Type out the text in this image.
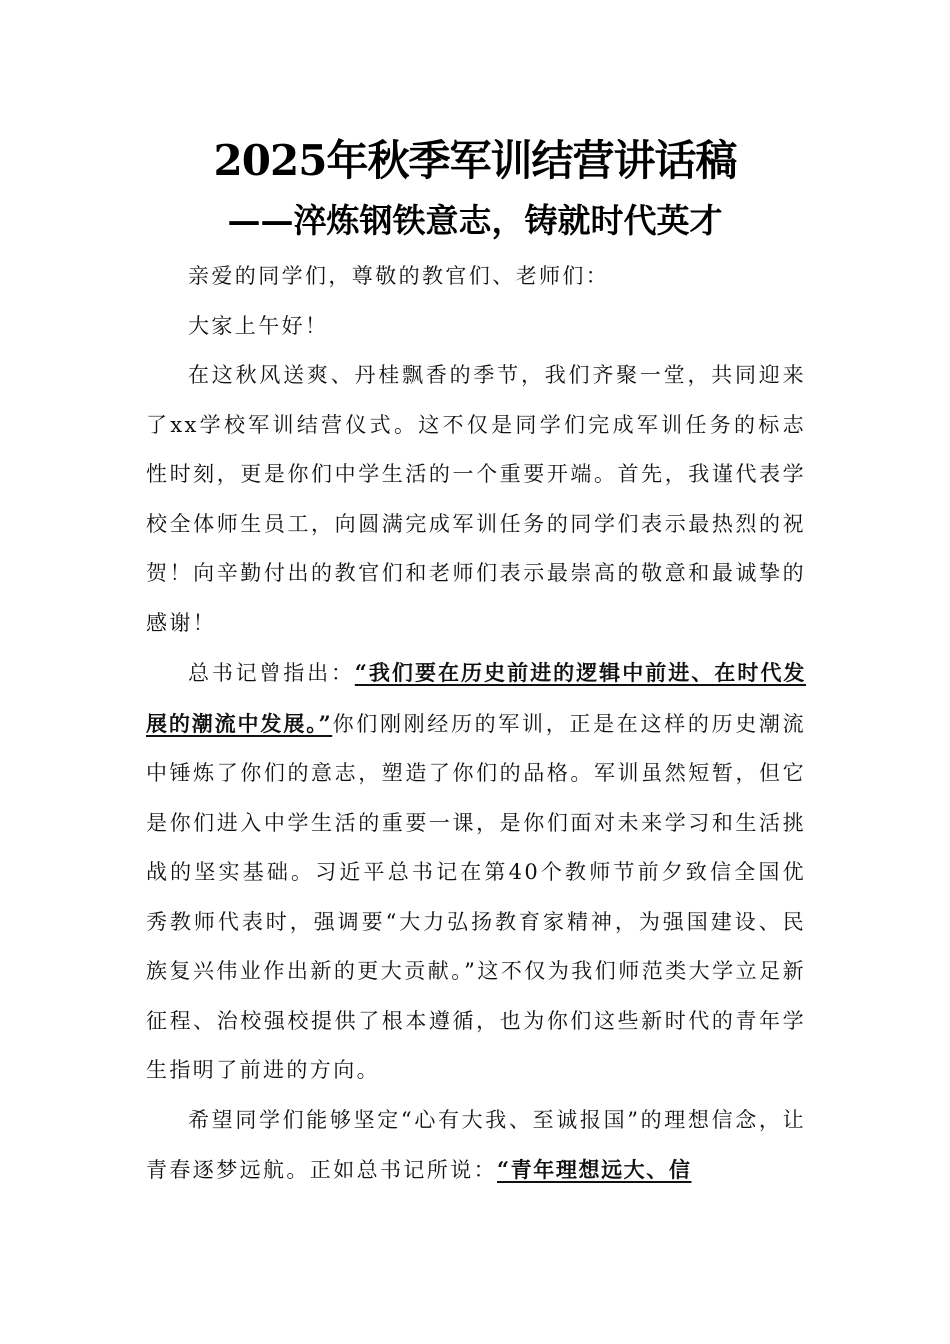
2025年秋季军训结营讲话稿
——淬炼钢铁意志，铸就时代英才

亲爱的同学们，尊敬的教官们、老师们：

大家上午好！

在这秋风送爽、丹桂飘香的季节，我们齐聚一堂，共同迎来了xx学校军训结营仪式。这不仅是同学们完成军训任务的标志性时刻，更是你们中学生活的一个重要开端。首先，我谨代表学校全体师生员工，向圆满完成军训任务的同学们表示最热烈的祝贺！向辛勤付出的教官们和老师们表示最崇高的敬意和最诚挚的感谢！

总书记曾指出：“我们要在历史前进的逻辑中前进、在时代发展的潮流中发展。”你们刚刚经历的军训，正是在这样的历史潮流中锤炼了你们的意志，塑造了你们的品格。军训虽然短暂，但它是你们进入中学生活的重要一课，是你们面对未来学习和生活挑战的坚实基础。习近平总书记在第40个教师节前夕致信全国优秀教师代表时，强调要“大力弘扬教育家精神，为强国建设、民族复兴伟业作出新的更大贡献。”这不仅为我们师范类大学立足新征程、治校强校提供了根本遵循，也为你们这些新时代的青年学生指明了前进的方向。

希望同学们能够坚定“心有大我、至诚报国”的理想信念，让青春逐梦远航。正如总书记所说：“青年理想远大、信
